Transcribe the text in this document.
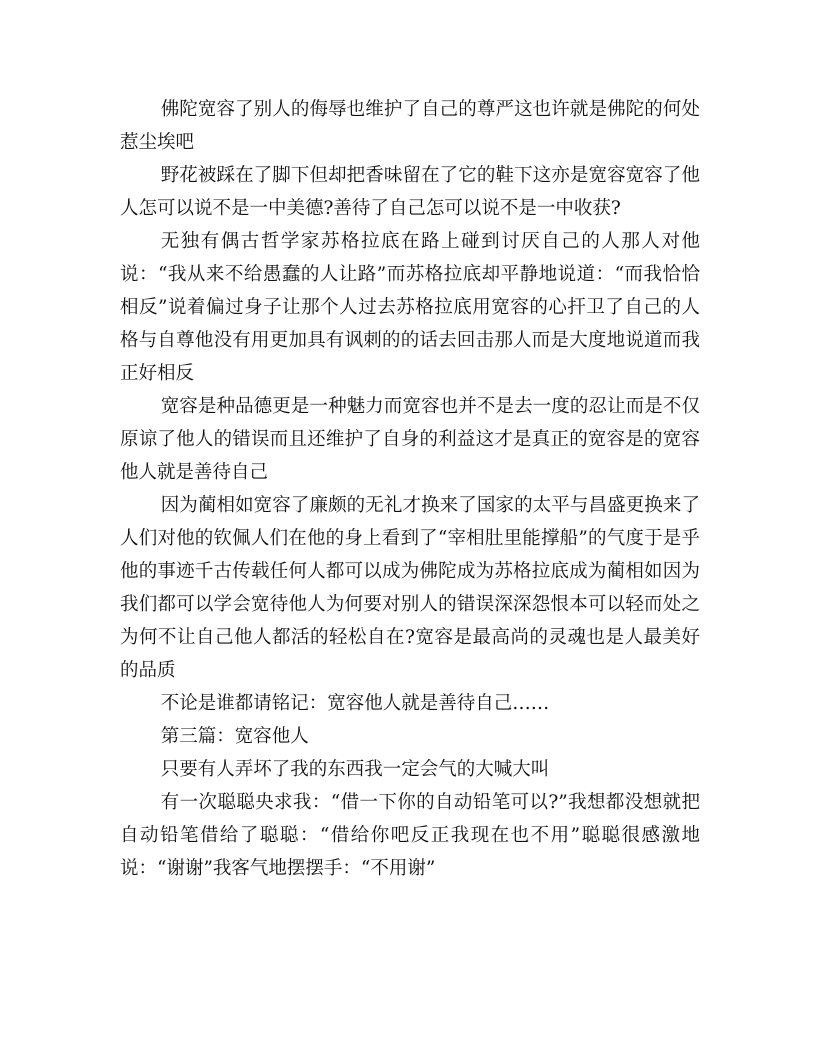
佛陀宽容了别人的侮辱也维护了自己的尊严这也许就是佛陀的何处惹尘埃吧

野花被踩在了脚下但却把香味留在了它的鞋下这亦是宽容宽容了他人怎可以说不是一中美德?善待了自己怎可以说不是一中收获?

无独有偶古哲学家苏格拉底在路上碰到讨厌自己的人那人对他说：“我从来不给愚蠢的人让路”而苏格拉底却平静地说道：“而我恰恰相反”说着偏过身子让那个人过去苏格拉底用宽容的心扞卫了自己的人格与自尊他没有用更加具有讽刺的的话去回击那人而是大度地说道而我正好相反

宽容是种品德更是一种魅力而宽容也并不是去一度的忍让而是不仅原谅了他人的错误而且还维护了自身的利益这才是真正的宽容是的宽容他人就是善待自己

因为蔺相如宽容了廉颇的无礼才换来了国家的太平与昌盛更换来了人们对他的钦佩人们在他的身上看到了“宰相肚里能撑船”的气度于是乎他的事迹千古传载任何人都可以成为佛陀成为苏格拉底成为蔺相如因为我们都可以学会宽待他人为何要对别人的错误深深怨恨本可以轻而处之为何不让自己他人都活的轻松自在?宽容是最高尚的灵魂也是人最美好的品质

不论是谁都请铭记：宽容他人就是善待自己……

第三篇：宽容他人

只要有人弄坏了我的东西我一定会气的大喊大叫

有一次聪聪央求我：“借一下你的自动铅笔可以?”我想都没想就把自动铅笔借给了聪聪：“借给你吧反正我现在也不用”聪聪很感激地说：“谢谢”我客气地摆摆手：“不用谢”
